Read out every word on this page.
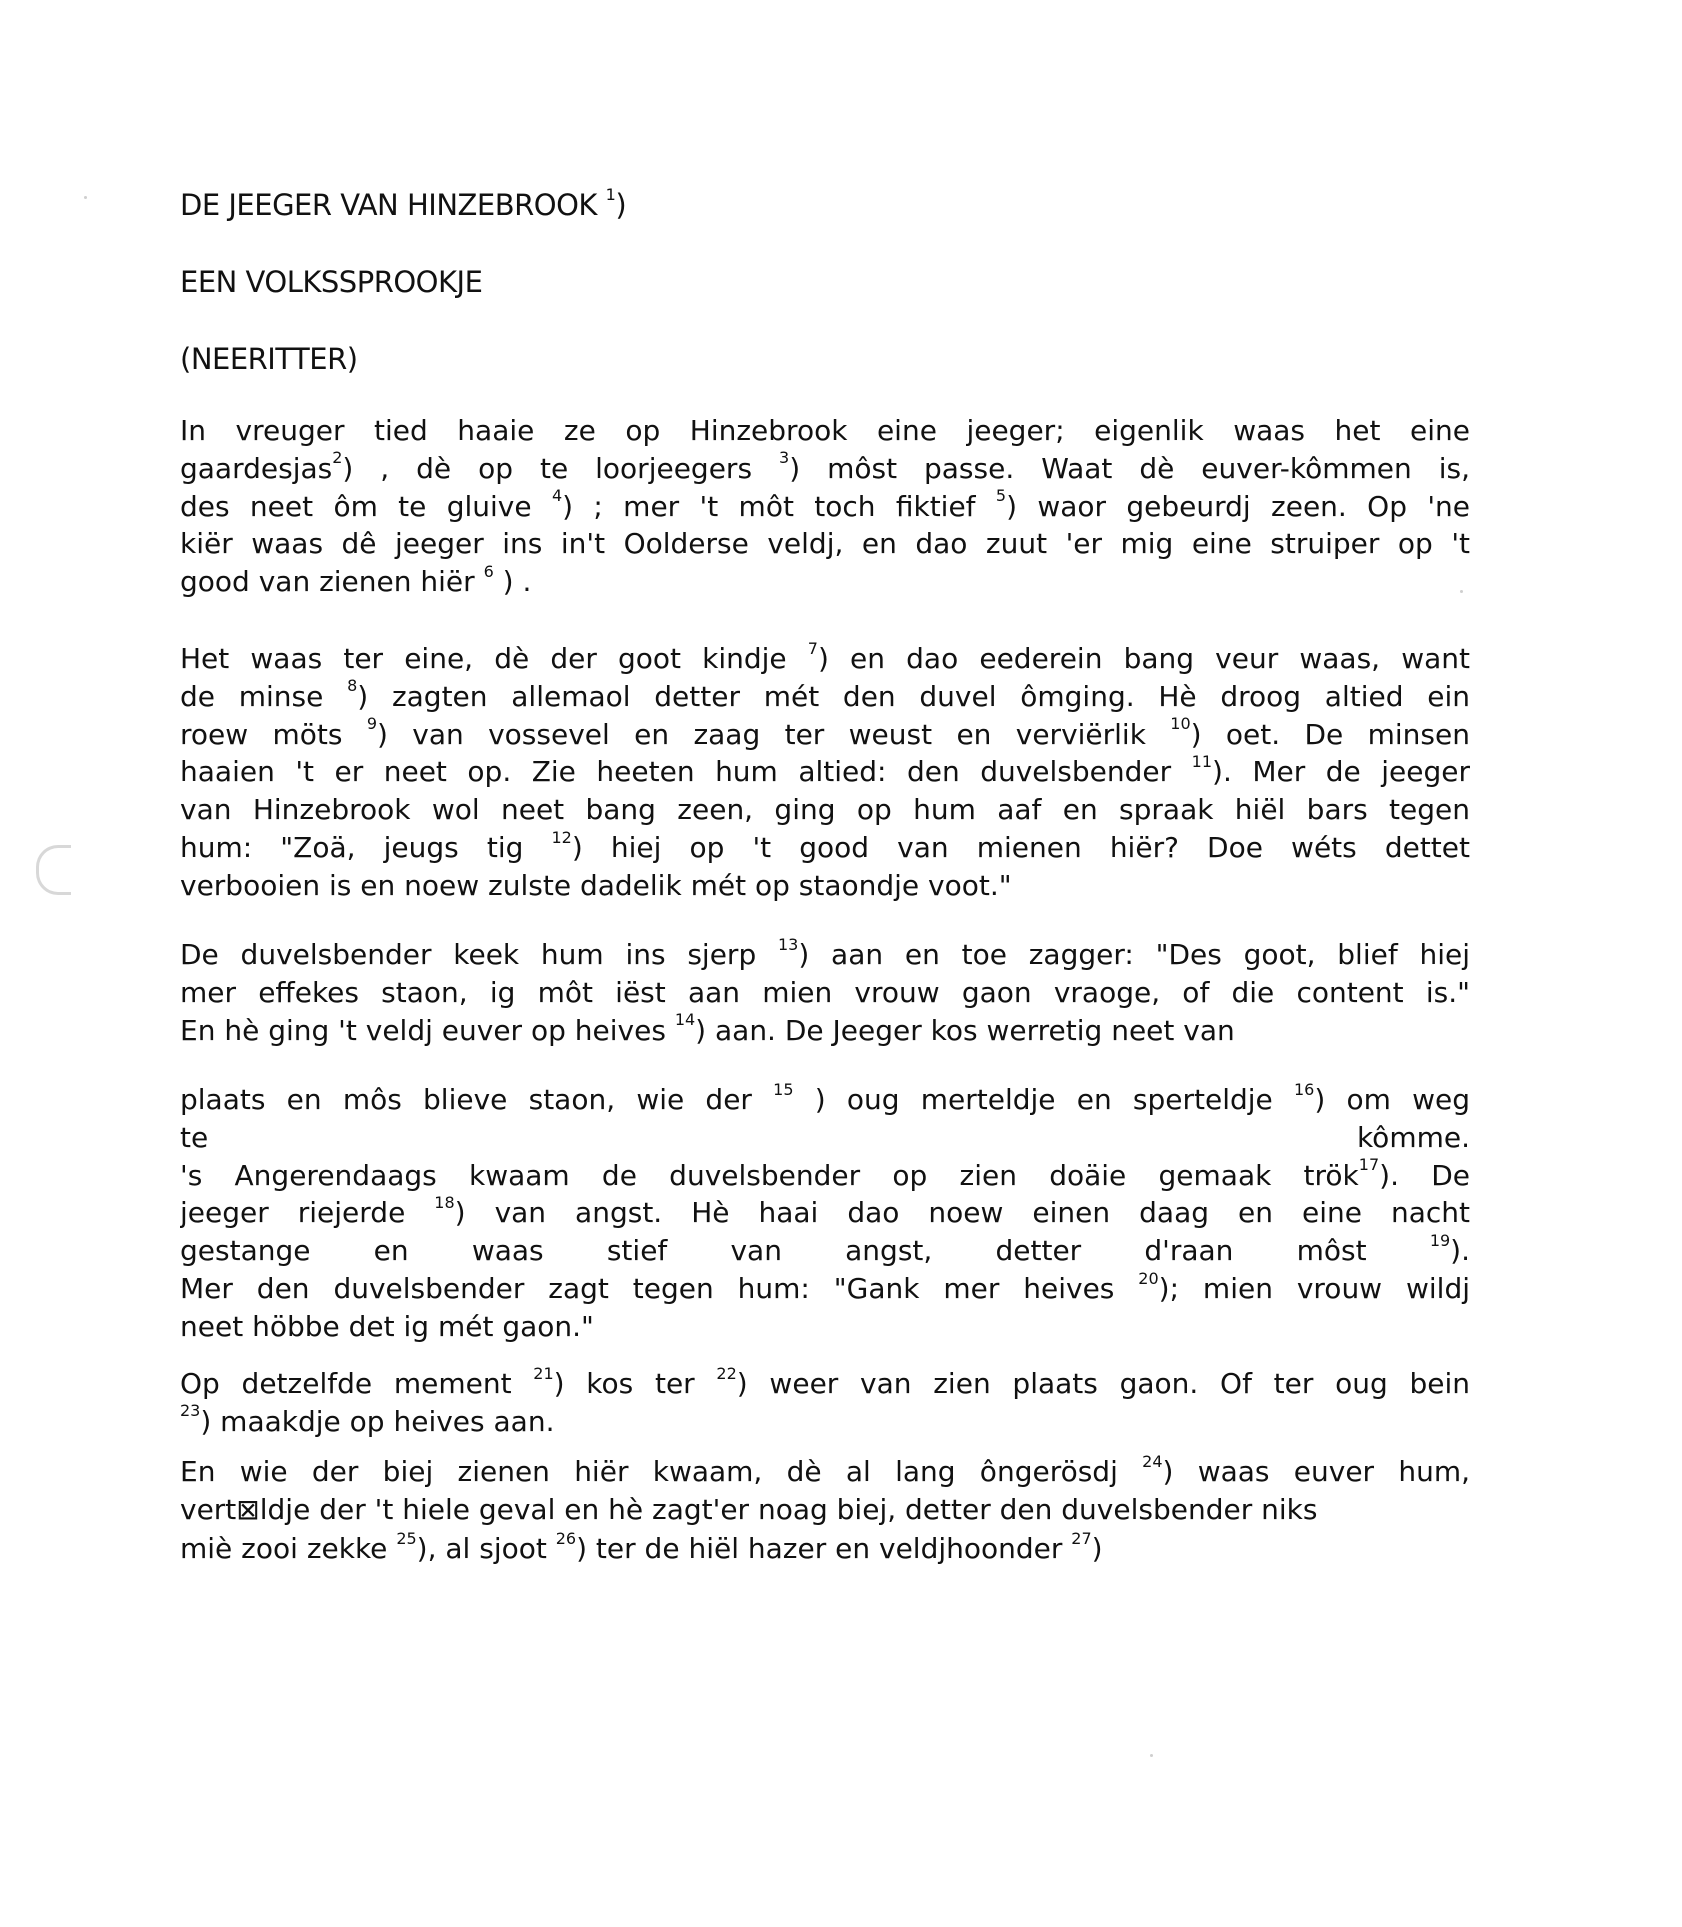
DE JEEGER VAN HINZEBROOK $^1$)
EEN VOLKSSPROOKJE
(NEERITTER)
In vreuger tied haaie ze op Hinzebrook eine jeeger; eigenlik waas het eine
gaardesjas$^2$) , dè op te loorjeegers $^3$) môst passe. Waat dè euver-kômmen is,
des neet ôm te gluive $^4$) ; mer 't môt toch fiktief $^5$) waor gebeurdj zeen. Op 'ne
kiër waas dê jeeger ins in't Oolderse veldj, en dao zuut 'er mig eine struiper op 't
good van zienen hiër $^6$ ) .
Het waas ter eine, dè der goot kindje $^7$) en dao eederein bang veur waas, want
de minse $^8$) zagten allemaol detter mét den duvel ômging. Hè droog altied ein
roew möts $^9$) van vossevel en zaag ter weust en verviërlik $^{10}$) oet. De minsen
haaien 't er neet op. Zie heeten hum altied: den duvelsbender $^{11}$). Mer de jeeger
van Hinzebrook wol neet bang zeen, ging op hum aaf en spraak hiël bars tegen
hum: "Zoä, jeugs tig $^{12}$) hiej op 't good van mienen hiër? Doe wéts dettet
verbooien is en noew zulste dadelik mét op staondje voot."
De duvelsbender keek hum ins sjerp $^{13}$) aan en toe zagger: "Des goot, blief hiej
mer effekes staon, ig môt iëst aan mien vrouw gaon vraoge, of die content is."
En hè ging 't veldj euver op heives $^{14}$) aan. De Jeeger kos werretig neet van
plaats en môs blieve staon, wie der $^{15}$ ) oug merteldje en sperteldje $^{16}$) om weg
te kômme.
's Angerendaags kwaam de duvelsbender op zien doäie gemaak trök$^{17}$). De
jeeger riejerde $^{18}$) van angst. Hè haai dao noew einen daag en eine nacht
gestange en waas stief van angst, detter d'raan môst $^{19}$).
Mer den duvelsbender zagt tegen hum: "Gank mer heives $^{20}$); mien vrouw wildj
neet höbbe det ig mét gaon."
Op detzelfde mement $^{21}$) kos ter $^{22}$) weer van zien plaats gaon. Of ter oug bein
$^{23}$) maakdje op heives aan.
En wie der biej zienen hiër kwaam, dè al lang ôngerösdj $^{24}$) waas euver hum,
vert⊠ldje der 't hiele geval en hè zagt'er noag biej, detter den duvelsbender niks
miè zooi zekke $^{25}$), al sjoot $^{26}$) ter de hiël hazer en veldjhoonder $^{27}$)
